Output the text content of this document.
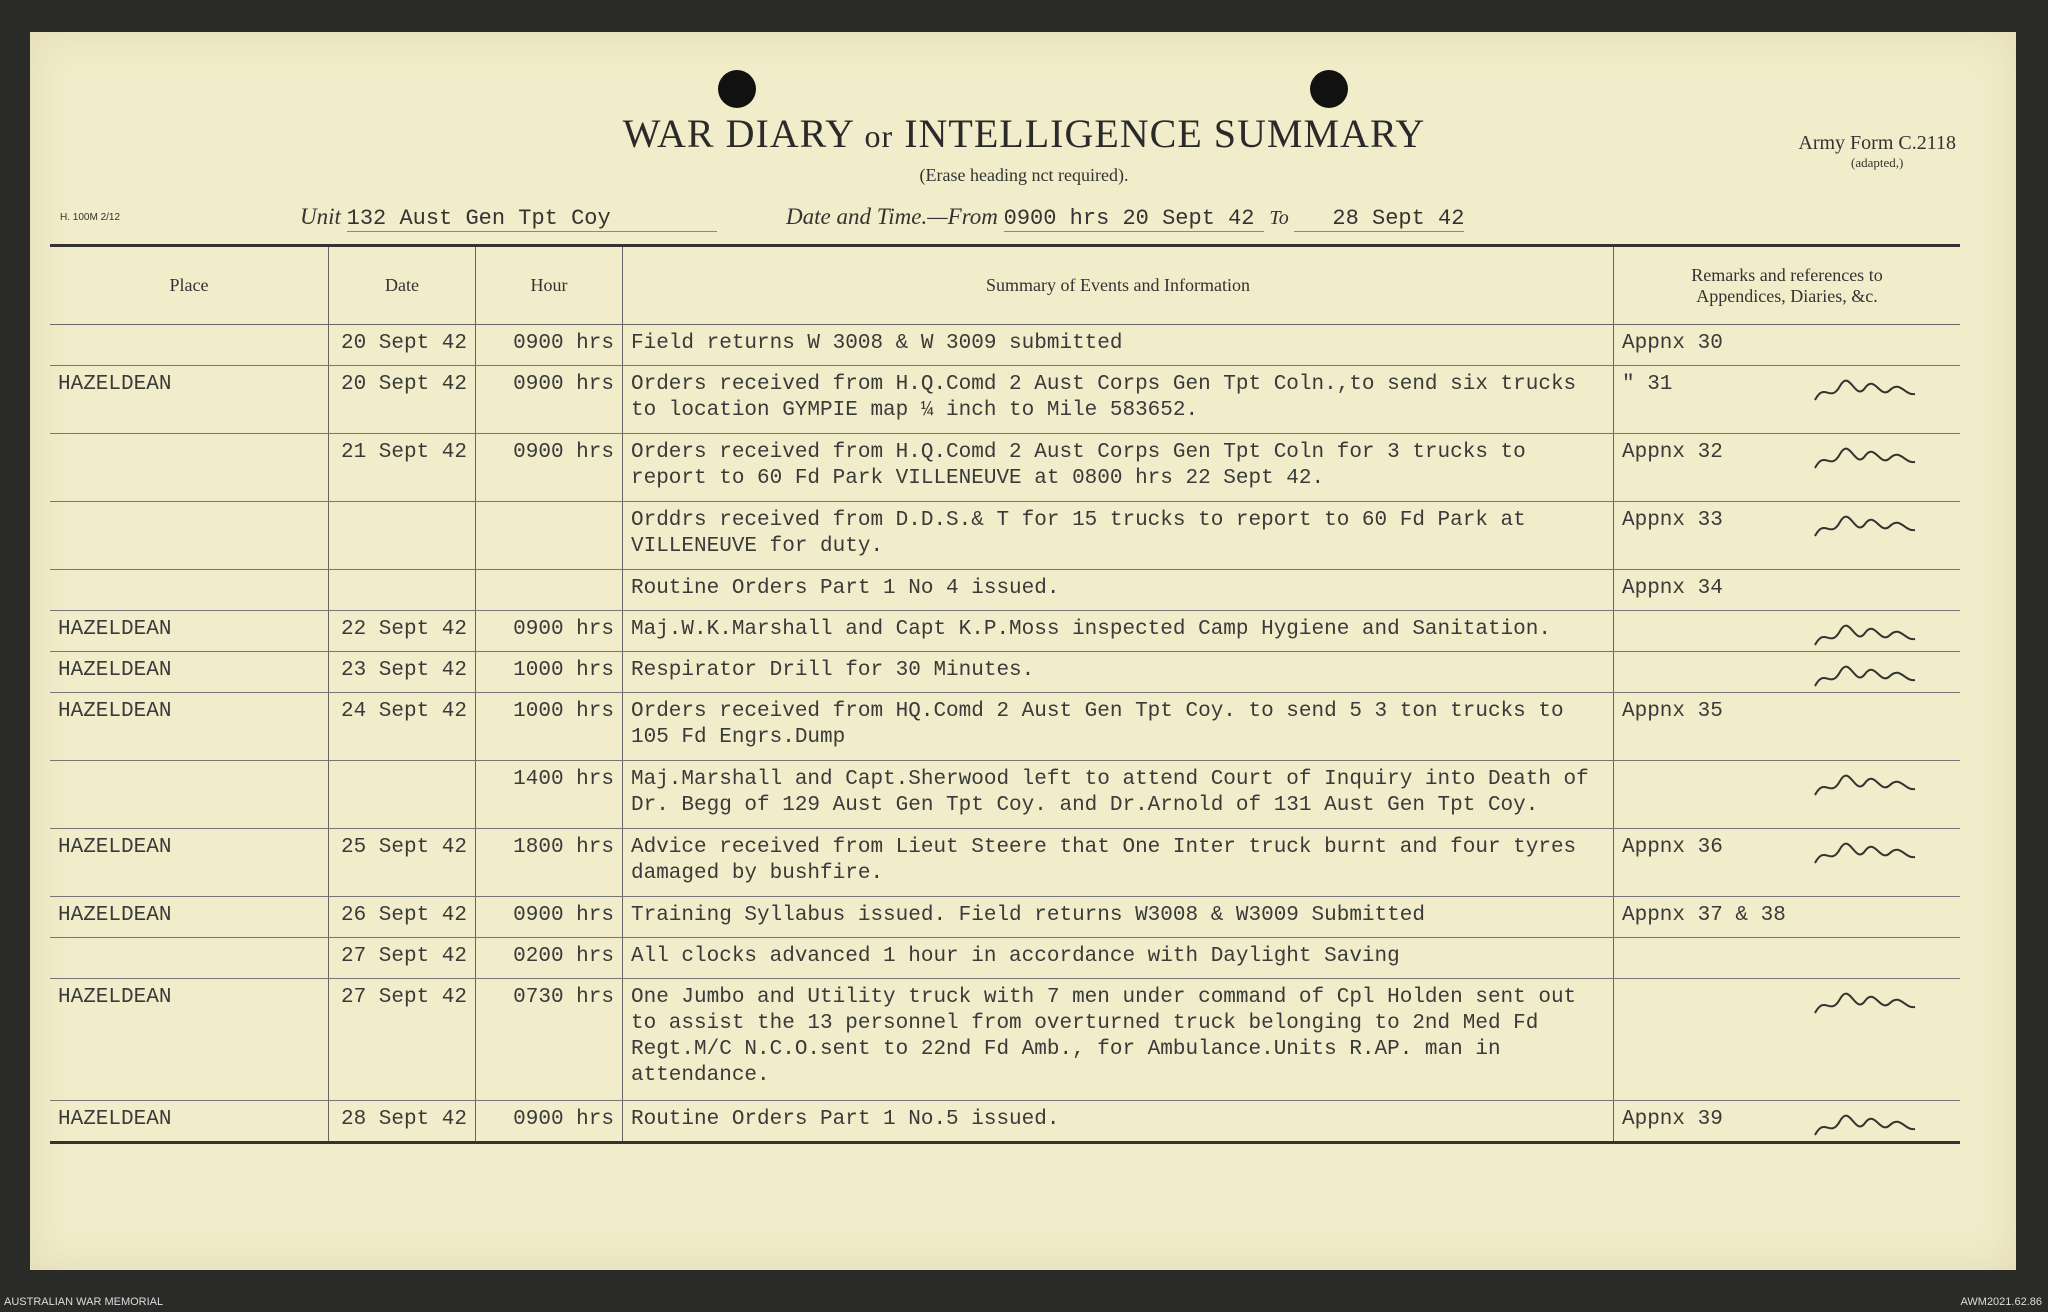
Army Form C.2118
(adapted,)
WAR DIARY or INTELLIGENCE SUMMARY
(Erase heading nct required).
H. 100M 2/12	Unit 132 Aust Gen Tpt Coy	Date and Time.—From 0900 hrs 20 Sept 42 To 28 Sept 42
Place	Date	Hour	Summary of Events and Information	Remarks and references to
Appendices, Diaries, &c.
	20 Sept 42	0900 hrs	Field returns W 3008 & W 3009 submitted	Appnx 30
HAZELDEAN	20 Sept 42	0900 hrs	Orders received from H.Q.Comd 2 Aust Corps Gen Tpt Coln.,to send six trucks to location GYMPIE map ¼ inch to Mile 583652.	" 31

	21 Sept 42	0900 hrs	Orders received from H.Q.Comd 2 Aust Corps Gen Tpt Coln for 3 trucks to report to 60 Fd Park VILLENEUVE at 0800 hrs 22 Sept 42.	Appnx 32

			Orddrs received from D.D.S.& T for 15 trucks to report to 60 Fd Park at VILLENEUVE for duty.	Appnx 33

			Routine Orders Part 1 No 4 issued.	Appnx 34
HAZELDEAN	22 Sept 42	0900 hrs	Maj.W.K.Marshall and Capt K.P.Moss inspected Camp Hygiene and Sanitation.	

HAZELDEAN	23 Sept 42	1000 hrs	Respirator Drill for 30 Minutes.	

HAZELDEAN	24 Sept 42	1000 hrs	Orders received from HQ.Comd 2 Aust Gen Tpt Coy. to send 5 3 ton trucks to 105 Fd Engrs.Dump	Appnx 35
		1400 hrs	Maj.Marshall and Capt.Sherwood left to attend Court of Inquiry into Death of Dr. Begg of 129 Aust Gen Tpt Coy. and Dr.Arnold of 131 Aust Gen Tpt Coy.	

HAZELDEAN	25 Sept 42	1800 hrs	Advice received from Lieut Steere that One Inter truck burnt and four tyres damaged by bushfire.	Appnx 36

HAZELDEAN	26 Sept 42	0900 hrs	Training Syllabus issued. Field returns W3008 & W3009 Submitted	Appnx 37 & 38
	27 Sept 42	0200 hrs	All clocks advanced 1 hour in accordance with Daylight Saving	
HAZELDEAN	27 Sept 42	0730 hrs	One Jumbo and Utility truck with 7 men under command of Cpl Holden sent out to assist the 13 personnel from overturned truck belonging to 2nd Med Fd Regt.M/C N.C.O.sent to 22nd Fd Amb., for Ambulance.Units R.AP. man in attendance.	

HAZELDEAN	28 Sept 42	0900 hrs	Routine Orders Part 1 No.5 issued.	Appnx 39
AUSTRALIAN WAR MEMORIAL	AWM2021.62.86
